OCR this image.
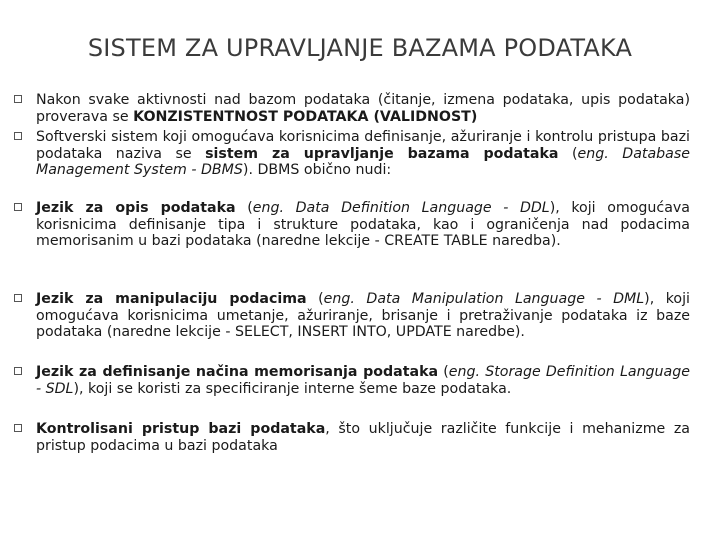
SISTEM ZA UPRAVLJANJE BAZAMA PODATAKA
Nakon svake aktivnosti nad bazom podataka (čitanje, izmena podataka, upis podataka) proverava se KONZISTENTNOST PODATAKA (VALIDNOST)
Softverski sistem koji omogućava korisnicima definisanje, ažuriranje i kontrolu pristupa bazi podataka naziva se sistem za upravljanje bazama podataka (eng. Database Management System - DBMS). DBMS obično nudi:
Jezik za opis podataka (eng. Data Definition Language - DDL), koji omogućava korisnicima definisanje tipa i strukture podataka, kao i ograničenja nad podacima memorisanim u bazi podataka (naredne lekcije - CREATE TABLE naredba).
Jezik za manipulaciju podacima (eng. Data Manipulation Language - DML), koji omogućava korisnicima umetanje, ažuriranje, brisanje i pretraživanje podataka iz baze podataka (naredne lekcije - SELECT, INSERT INTO, UPDATE naredbe).
Jezik za definisanje načina memorisanja podataka (eng. Storage Definition Language - SDL), koji se koristi za specificiranje interne šeme baze podataka.
Kontrolisani pristup bazi podataka, što uključuje različite funkcije i mehanizme za pristup podacima u bazi podataka
